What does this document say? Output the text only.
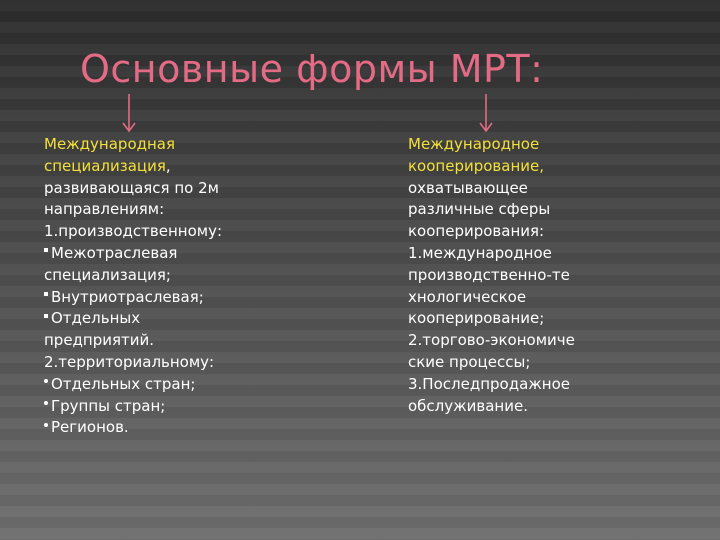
Основные формы МРТ:
Международная
специализация,
развивающаяся по 2м
направлениям:
1.производственному:
Межотраслевая
специализация;
Внутриотраслевая;
Отдельных
предприятий.
2.территориальному:
Отдельных стран;
Группы стран;
Регионов.
Международное
кооперирование,
охватывающее
различные сферы
кооперирования:
1.международное
производственно-те
хнологическое
кооперирование;
2.торгово-экономиче
ские процессы;
3.Последпродажное
обслуживание.
